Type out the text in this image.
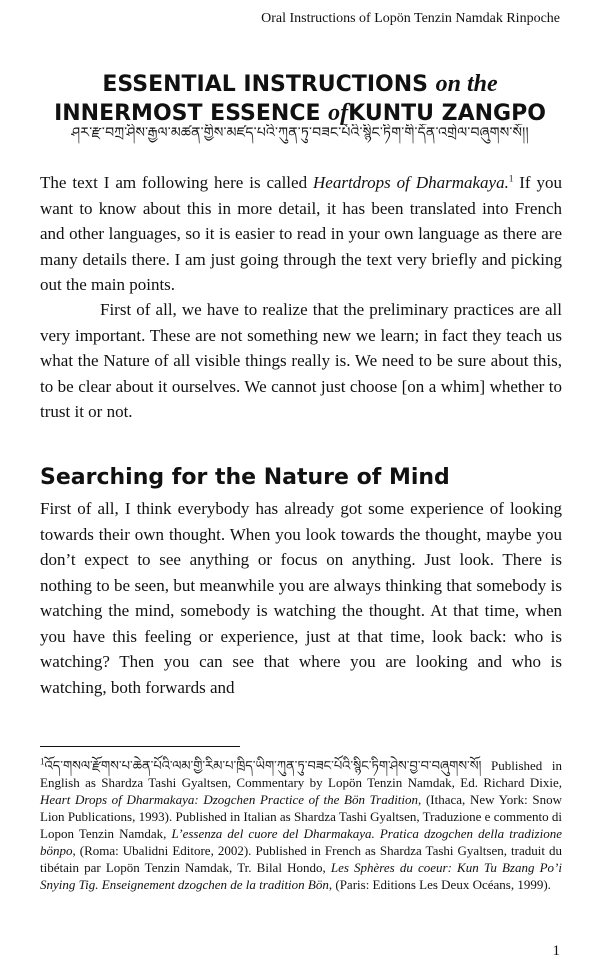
Oral Instructions of Lopön Tenzin Namdak Rinpoche
ESSENTIAL INSTRUCTIONS on the
INNERMOST ESSENCE ofKUNTU ZANGPO
ཤར་རྫ་བཀྲ་ཤིས་རྒྱལ་མཚན་གྱིས་མཛད་པའི་ཀུན་ཏུ་བཟང་པོའི་སྙིང་ཏིག་གི་དོན་འགྲེལ་བཞུགས་སོ།།

The text I am following here is called Heartdrops of Dharmakaya.$^1$ If you want to know about this in more detail, it has been translated into French and other languages, so it is easier to read in your own language as there are many details there. I am just going through the text very briefly and picking out the main points.

First of all, we have to realize that the preliminary practices are all very important. These are not something new we learn; in fact they teach us what the Nature of all visible things really is. We need to be sure about this, to be clear about it ourselves. We cannot just choose [on a whim] whether to trust it or not.

Searching for the Nature of Mind

First of all, I think everybody has already got some experience of looking towards their own thought. When you look towards the thought, maybe you don’t expect to see anything or focus on anything. Just look. There is nothing to be seen, but meanwhile you are always thinking that somebody is watching the mind, somebody is watching the thought. At that time, when you have this feeling or experience, just at that time, look back: who is watching? Then you can see that where you are looking and who is watching, both forwards and

$^1$འོད་གསལ་རྫོགས་པ་ཆེན་པོའི་ལམ་གྱི་རིམ་པ་ཁྲིད་ཡིག་ཀུན་ཏུ་བཟང་པོའི་སྙིང་ཏིག་ཤེས་བྱ་བ་བཞུགས་སོ། Published in English as Shardza Tashi Gyaltsen, Commentary by Lopön Tenzin Namdak, Ed. Richard Dixie, Heart Drops of Dharmakaya: Dzogchen Practice of the Bön Tradition, (Ithaca, New York: Snow Lion Publications, 1993). Published in Italian as Shardza Tashi Gyaltsen, Traduzione e commento di Lopon Tenzin Namdak, L’essenza del cuore del Dharmakaya. Pratica dzogchen della tradizione bönpo, (Roma: Ubalidni Editore, 2002). Published in French as Shardza Tashi Gyaltsen, traduit du tibétain par Lopön Tenzin Namdak, Tr. Bilal Hondo, Les Sphères du coeur: Kun Tu Bzang Po’i Snying Tig. Enseignement dzogchen de la tradition Bön, (Paris: Editions Les Deux Océans, 1999).

1
